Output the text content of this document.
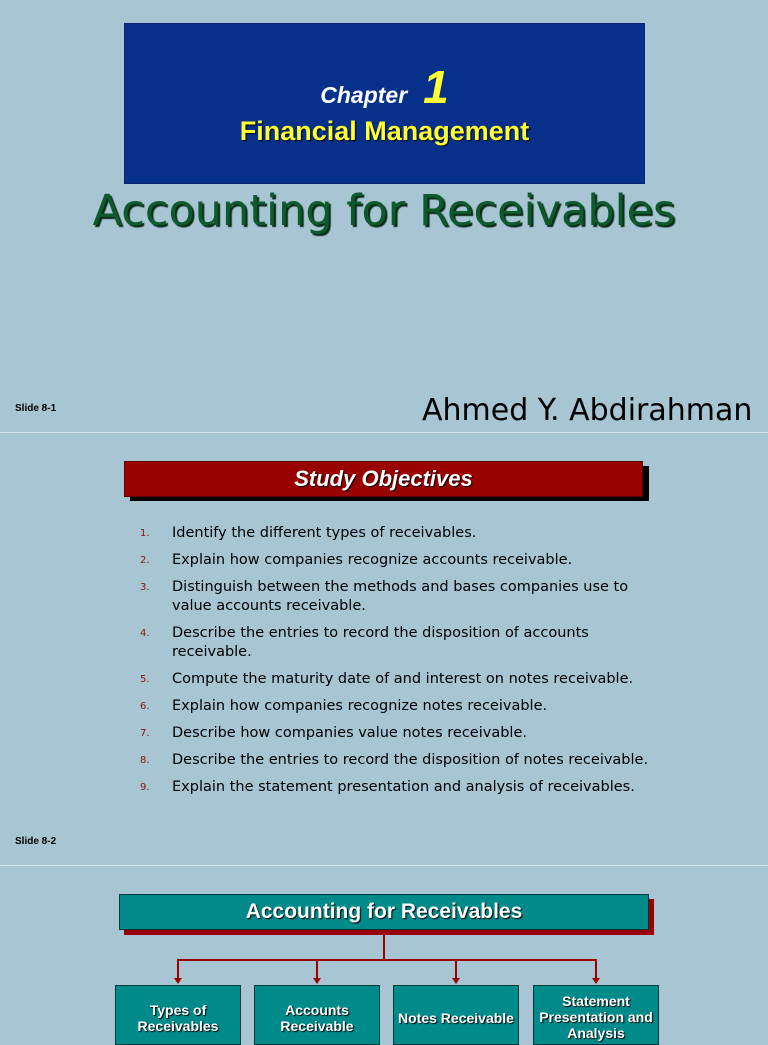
Chapter 1
Financial Management
Accounting for Receivables
Slide 8-1	Ahmed Y. Abdirahman
Study Objectives
1.	Identify the different types of receivables.
2.	Explain how companies recognize accounts receivable.
3.	Distinguish between the methods and bases companies use to value accounts receivable.
4.	Describe the entries to record the disposition of accounts receivable.
5.	Compute the maturity date of and interest on notes receivable.
6.	Explain how companies recognize notes receivable.
7.	Describe how companies value notes receivable.
8.	Describe the entries to record the disposition of notes receivable.
9.	Explain the statement presentation and analysis of receivables.
Slide 8-2
Accounting for Receivables
Types of Receivables
Accounts Receivable	Notes Receivable
Statement Presentation and Analysis
